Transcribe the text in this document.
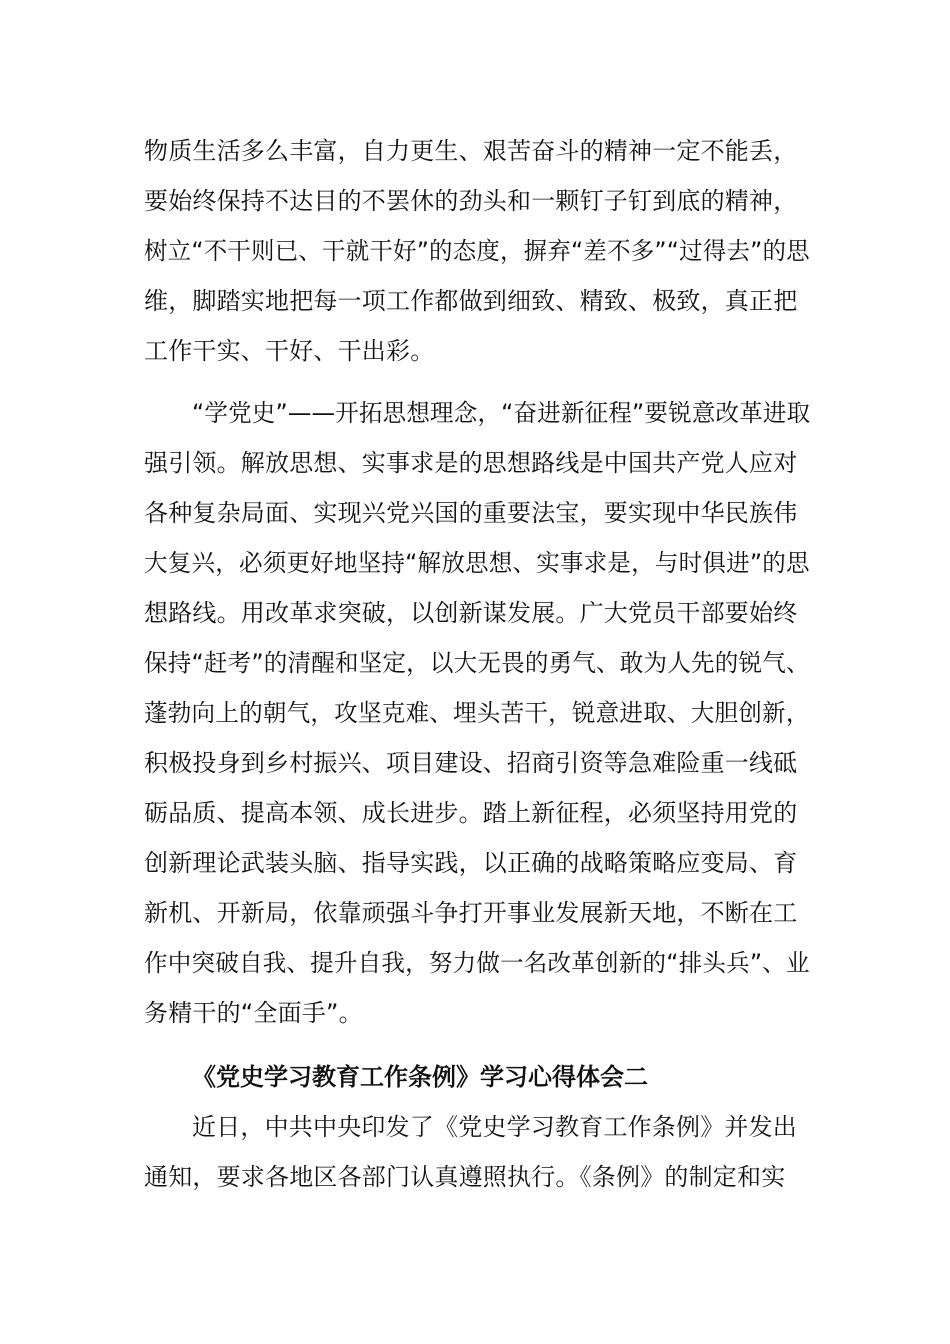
物质生活多么丰富，自力更生、艰苦奋斗的精神一定不能丢，
要始终保持不达目的不罢休的劲头和一颗钉子钉到底的精神，
树立“不干则已、干就干好”的态度，摒弃“差不多”“过得去”的思
维，脚踏实地把每一项工作都做到细致、精致、极致，真正把
工作干实、干好、干出彩。
“学党史”——开拓思想理念，“奋进新征程”要锐意改革进取
强引领。解放思想、实事求是的思想路线是中国共产党人应对
各种复杂局面、实现兴党兴国的重要法宝，要实现中华民族伟
大复兴，必须更好地坚持“解放思想、实事求是，与时俱进”的思
想路线。用改革求突破，以创新谋发展。广大党员干部要始终
保持“赶考”的清醒和坚定，以大无畏的勇气、敢为人先的锐气、
蓬勃向上的朝气，攻坚克难、埋头苦干，锐意进取、大胆创新，
积极投身到乡村振兴、项目建设、招商引资等急难险重一线砥
砺品质、提高本领、成长进步。踏上新征程，必须坚持用党的
创新理论武装头脑、指导实践，以正确的战略策略应变局、育
新机、开新局，依靠顽强斗争打开事业发展新天地，不断在工
作中突破自我、提升自我，努力做一名改革创新的“排头兵”、业
务精干的“全面手”。
《党史学习教育工作条例》学习心得体会二
近日，中共中央印发了《党史学习教育工作条例》并发出
通知，要求各地区各部门认真遵照执行。《条例》的制定和实
